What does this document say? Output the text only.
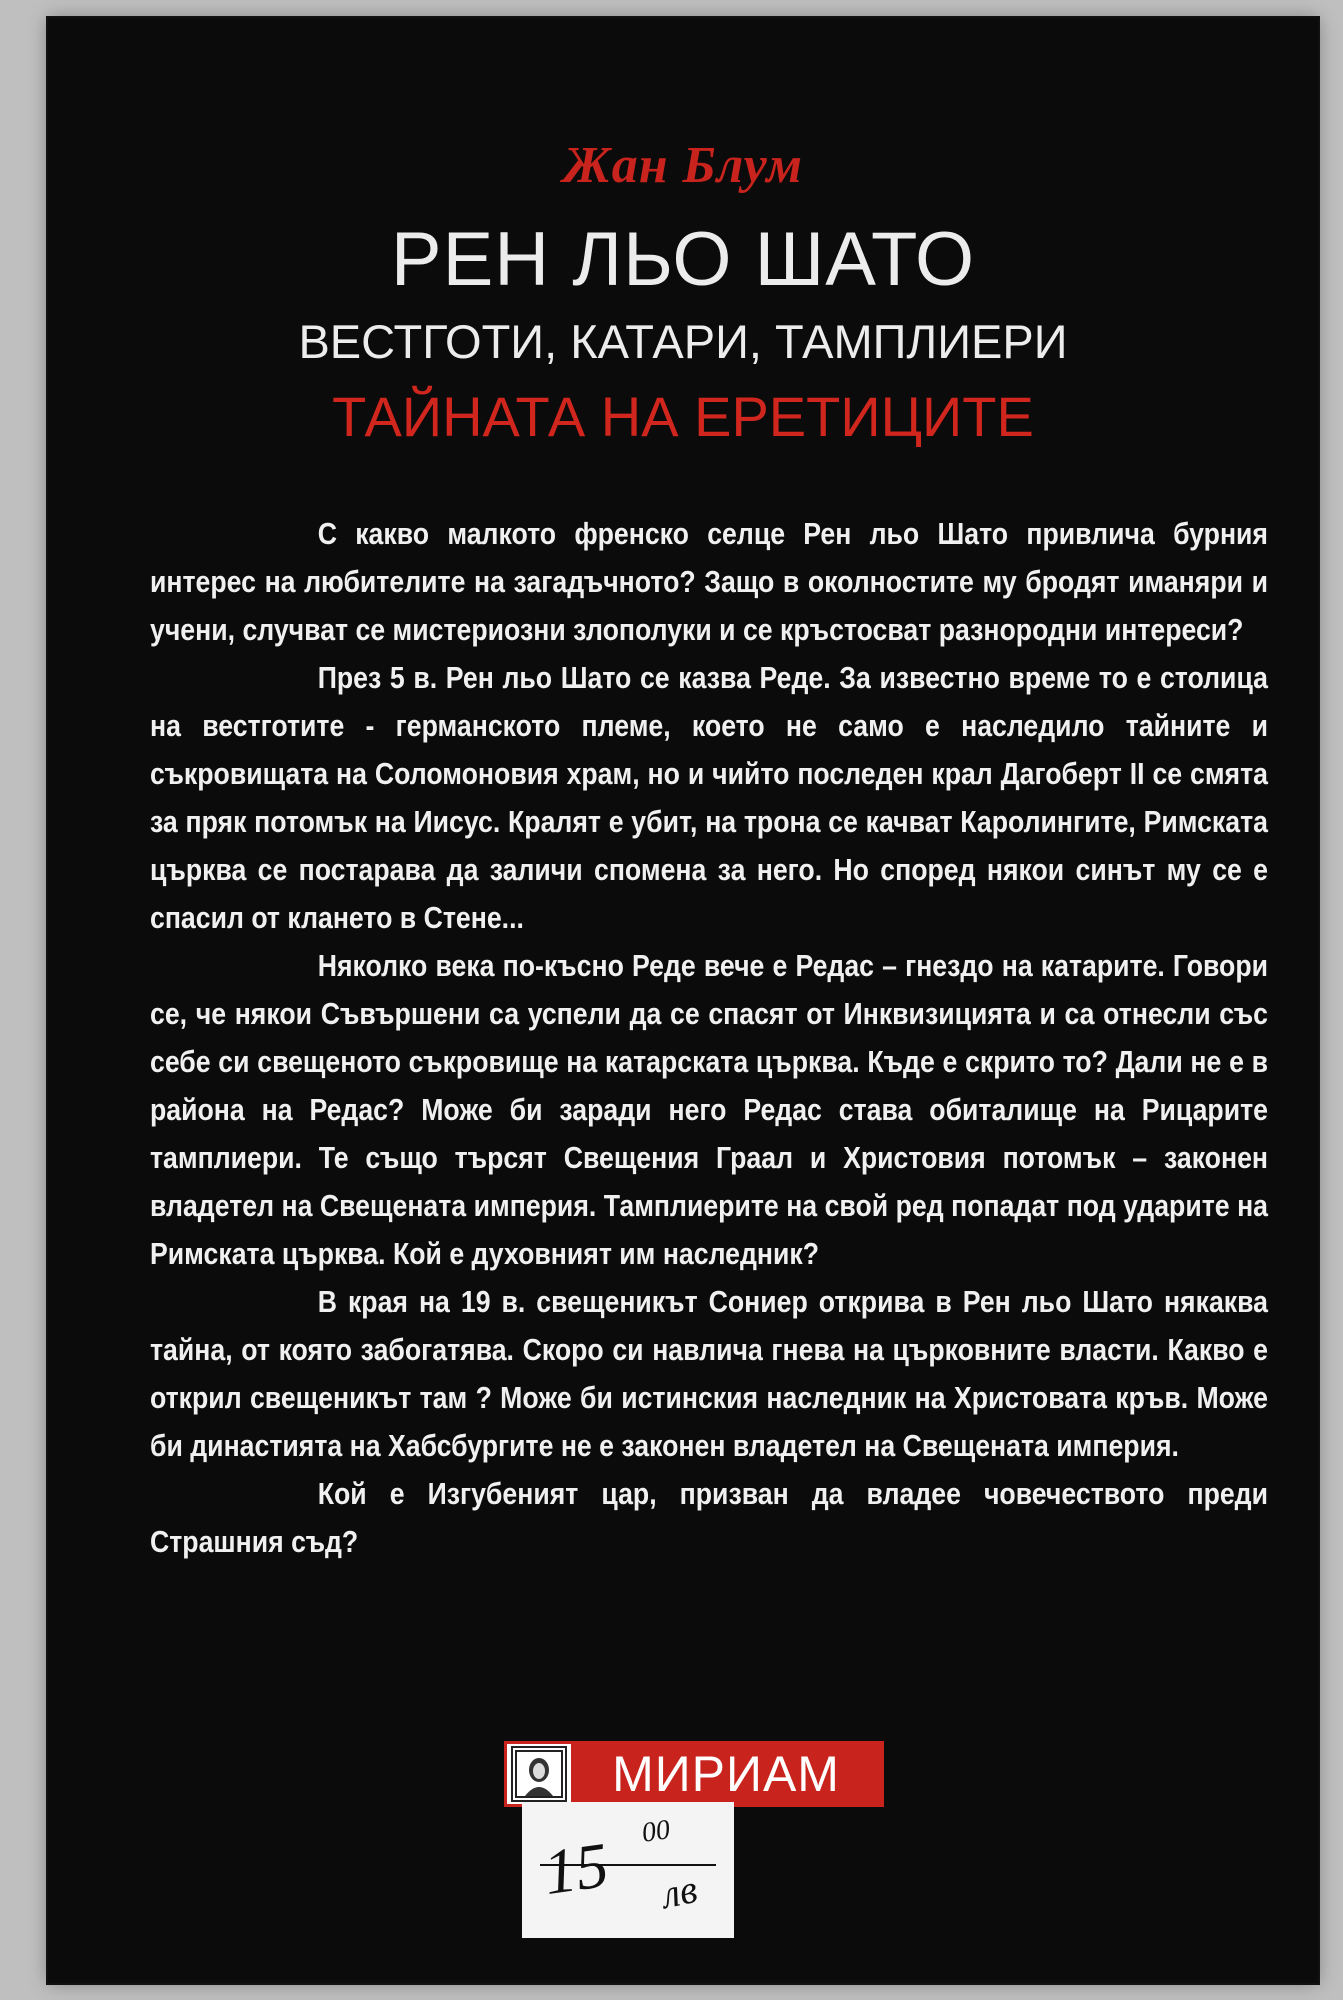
Жан Блум
РЕН ЛЬО ШАТО
ВЕСТГОТИ, КАТАРИ, ТАМПЛИЕРИ
ТАЙНАТА НА ЕРЕТИЦИТЕ

С какво малкото френско селце Рен льо Шато привлича бурния интерес на любителите на загадъчното? Защо в околностите му бродят иманяри и учени, случват се мистериозни злополуки и се кръстосват разнородни интереси?

През 5 в. Рен льо Шато се казва Реде. За известно време то е столица на вестготите - германското племе, което не само е наследило тайните и съкровищата на Соломоновия храм, но и чийто последен крал Дагоберт II се смята за пряк потомък на Иисус. Кралят е убит, на трона се качват Каролингите, Римската църква се постарава да заличи спомена за него. Но според някои синът му се е спасил от клането в Стене...

Няколко века по-късно Реде вече е Редас – гнездо на катарите. Говори се, че някои Съвършени са успели да се спасят от Инквизицията и са отнесли със себе си свещеното съкровище на катарската църква. Къде е скрито то? Дали не е в района на Редас? Може би заради него Редас става обиталище на Рицарите тамплиери. Те също търсят Свещения Граал и Христовия потомък – законен владетел на Свещената империя. Тамплиерите на свой ред попадат под ударите на Римската църква. Кой е духовният им наследник?

В края на 19 в. свещеникът Сониер открива в Рен льо Шато някаква тайна, от която забогатява. Скоро си навлича гнева на църковните власти. Какво е открил свещеникът там ? Може би истинския наследник на Христовата кръв. Може би династията на Хабсбургите не е законен владетел на Свещената империя.

Кой е Изгубеният цар, призван да владее човечеството преди Страшния съд?

МИРИАМ
15 00
лв
